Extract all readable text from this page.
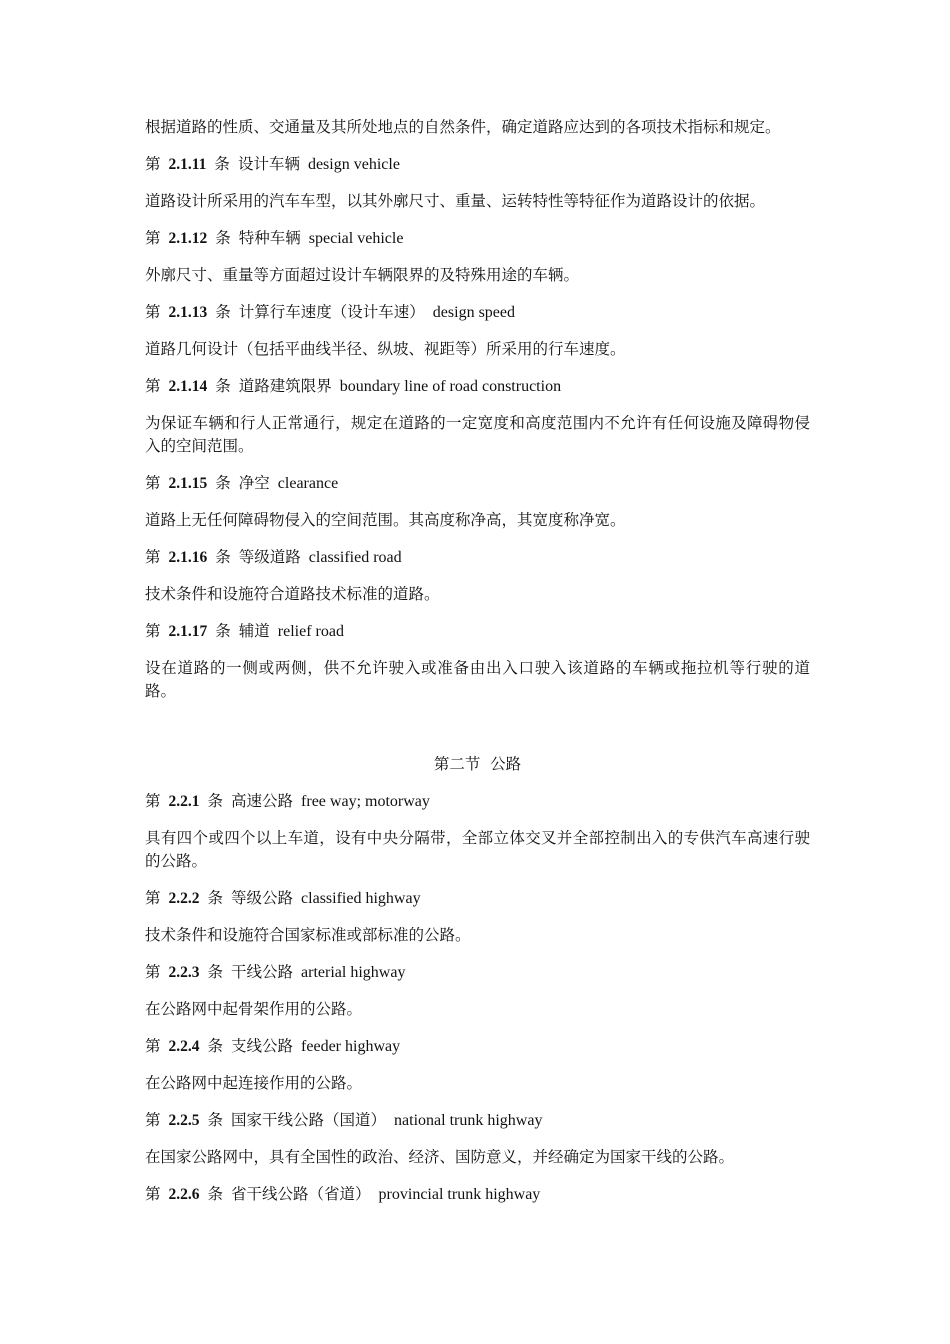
根据道路的性质、交通量及其所处地点的自然条件，确定道路应达到的各项技术指标和规定。

第 2.1.11 条 设计车辆 design vehicle

道路设计所采用的汽车车型，以其外廓尺寸、重量、运转特性等特征作为道路设计的依据。

第 2.1.12 条 特种车辆 special vehicle

外廓尺寸、重量等方面超过设计车辆限界的及特殊用途的车辆。

第 2.1.13 条 计算行车速度（设计车速） design speed

道路几何设计（包括平曲线半径、纵坡、视距等）所采用的行车速度。

第 2.1.14 条 道路建筑限界 boundary line of road construction

为保证车辆和行人正常通行，规定在道路的一定宽度和高度范围内不允许有任何设施及障碍物侵入的空间范围。

第 2.1.15 条 净空 clearance

道路上无任何障碍物侵入的空间范围。其高度称净高，其宽度称净宽。

第 2.1.16 条 等级道路 classified road

技术条件和设施符合道路技术标准的道路。

第 2.1.17 条 辅道 relief road

设在道路的一侧或两侧，供不允许驶入或准备由出入口驶入该道路的车辆或拖拉机等行驶的道路。

第二节  公路
第 2.2.1 条 高速公路 free way; motorway

具有四个或四个以上车道，设有中央分隔带，全部立体交叉并全部控制出入的专供汽车高速行驶的公路。

第 2.2.2 条 等级公路 classified highway

技术条件和设施符合国家标准或部标准的公路。

第 2.2.3 条 干线公路 arterial highway

在公路网中起骨架作用的公路。

第 2.2.4 条 支线公路 feeder highway

在公路网中起连接作用的公路。

第 2.2.5 条 国家干线公路（国道） national trunk highway

在国家公路网中，具有全国性的政治、经济、国防意义，并经确定为国家干线的公路。

第 2.2.6 条 省干线公路（省道） provincial trunk highway
